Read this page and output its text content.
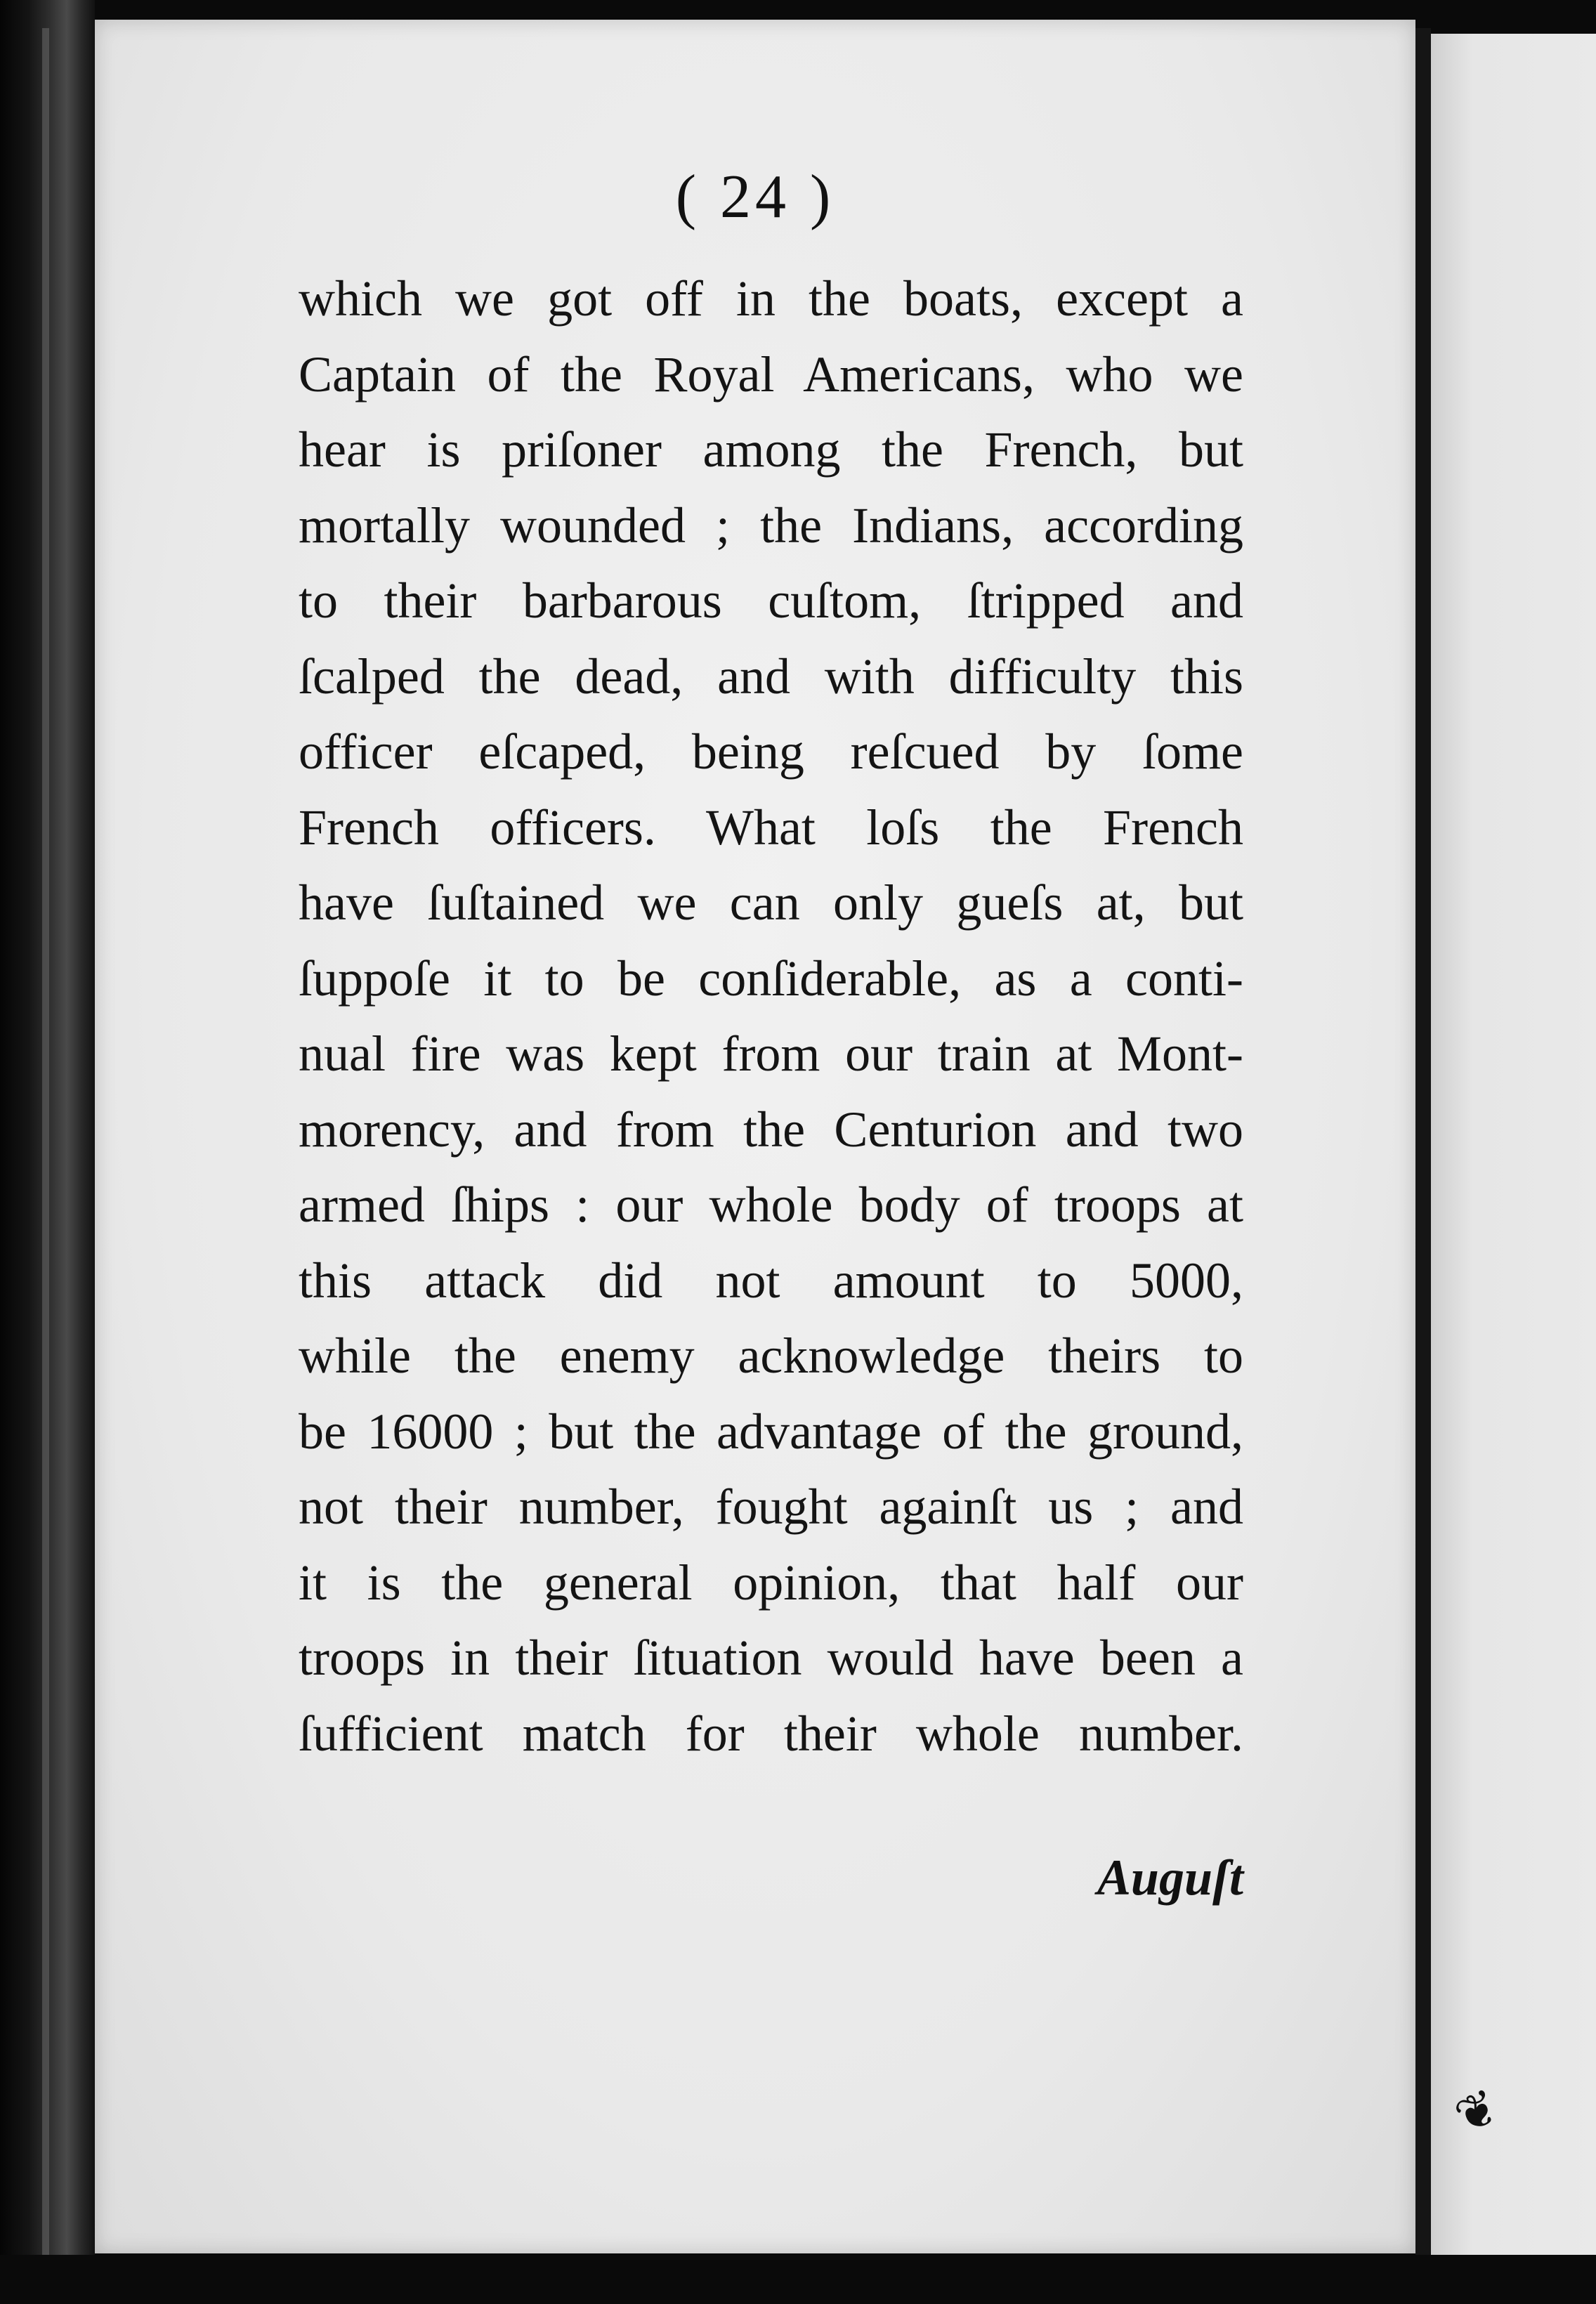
❦
( 24 )
which we got off in the boats, except a
Captain of the Royal Americans, who we
hear is priſoner among the French, but
mortally wounded ; the Indians, according
to their barbarous cuſtom, ſtripped and
ſcalped the dead, and with difficulty this
officer eſcaped, being reſcued by ſome
French officers. What loſs the French
have ſuſtained we can only gueſs at, but
ſuppoſe it to be conſiderable, as a conti-
nual fire was kept from our train at Mont-
morency, and from the Centurion and two
armed ſhips : our whole body of troops at
this attack did not amount to 5000,
while the enemy acknowledge theirs to
be 16000 ; but the advantage of the ground,
not their number, fought againſt us ; and
it is the general opinion, that half our
troops in their ſituation would have been a
ſufficient match for their whole number.
Auguſt
